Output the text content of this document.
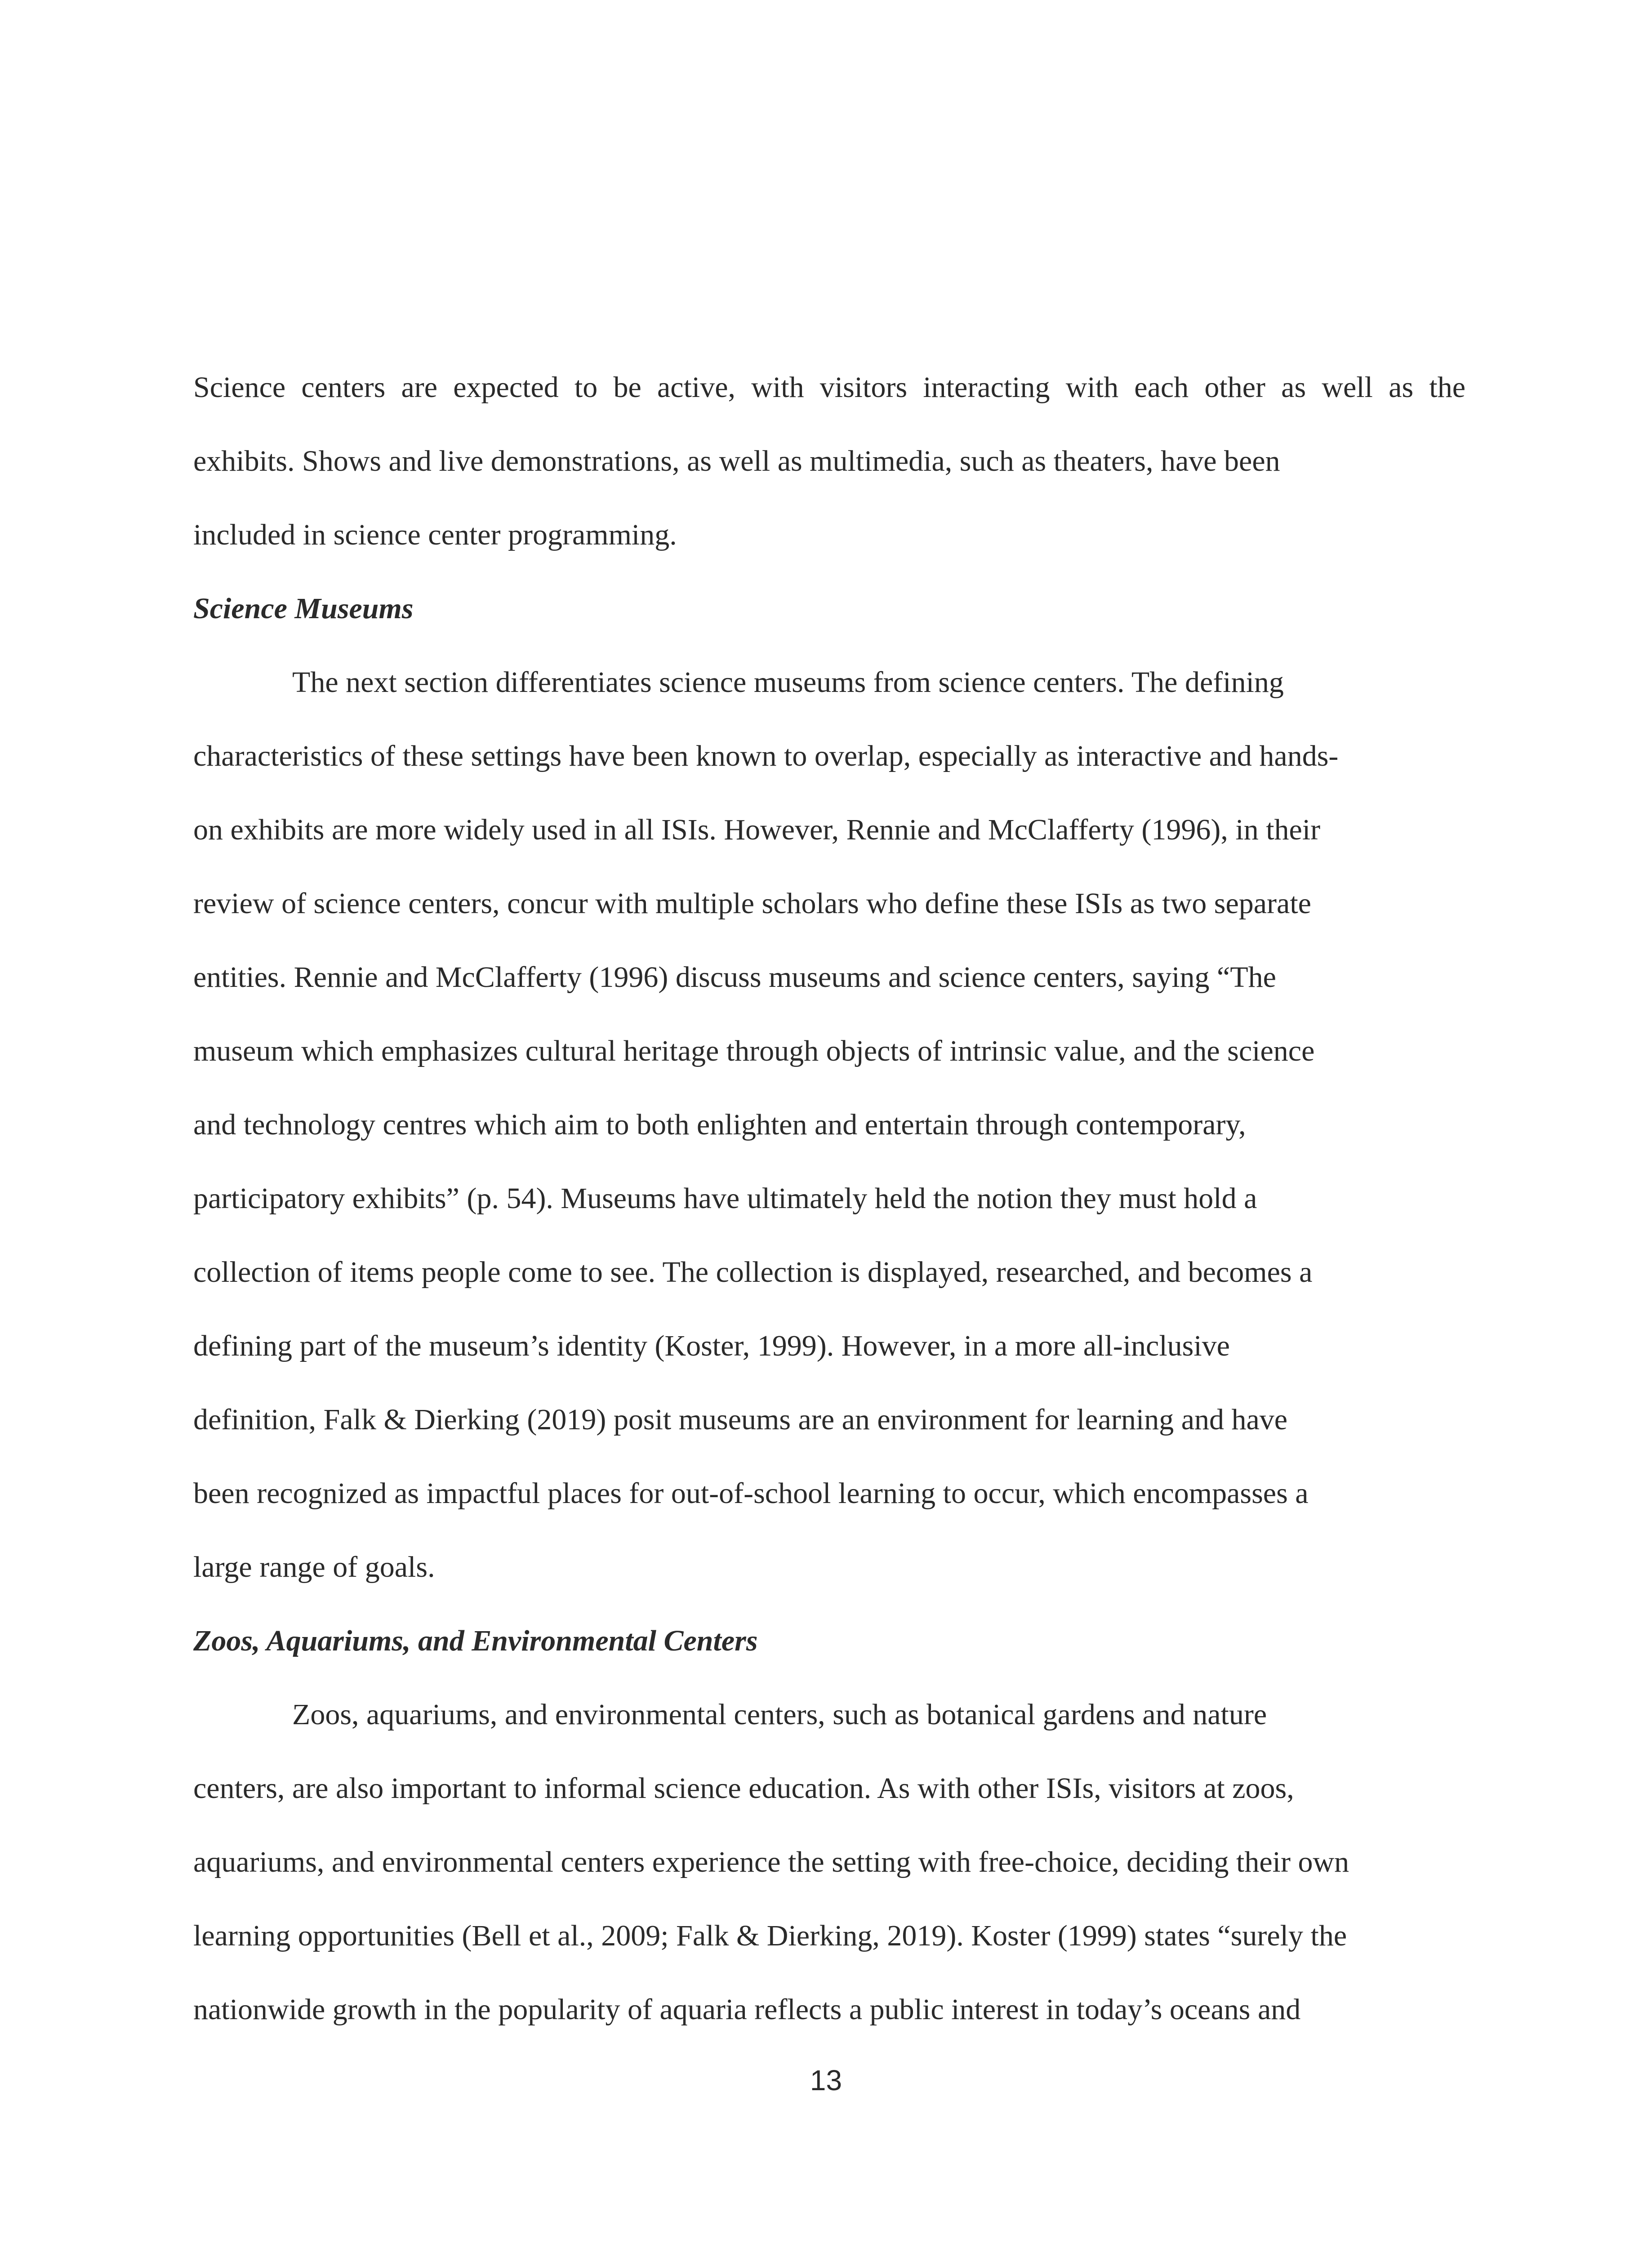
Science centers are expected to be active, with visitors interacting with each other as well as the

exhibits. Shows and live demonstrations, as well as multimedia, such as theaters, have been

included in science center programming.

Science Museums

The next section differentiates science museums from science centers. The defining

characteristics of these settings have been known to overlap, especially as interactive and hands-

on exhibits are more widely used in all ISIs. However, Rennie and McClafferty (1996), in their

review of science centers, concur with multiple scholars who define these ISIs as two separate

entities. Rennie and McClafferty (1996) discuss museums and science centers, saying “The

museum which emphasizes cultural heritage through objects of intrinsic value, and the science

and technology centres which aim to both enlighten and entertain through contemporary,

participatory exhibits” (p. 54). Museums have ultimately held the notion they must hold a

collection of items people come to see. The collection is displayed, researched, and becomes a

defining part of the museum’s identity (Koster, 1999). However, in a more all-inclusive

definition, Falk & Dierking (2019) posit museums are an environment for learning and have

been recognized as impactful places for out-of-school learning to occur, which encompasses a

large range of goals.

Zoos, Aquariums, and Environmental Centers

Zoos, aquariums, and environmental centers, such as botanical gardens and nature

centers, are also important to informal science education. As with other ISIs, visitors at zoos,

aquariums, and environmental centers experience the setting with free-choice, deciding their own

learning opportunities (Bell et al., 2009; Falk & Dierking, 2019). Koster (1999) states “surely the

nationwide growth in the popularity of aquaria reflects a public interest in today’s oceans and

13
